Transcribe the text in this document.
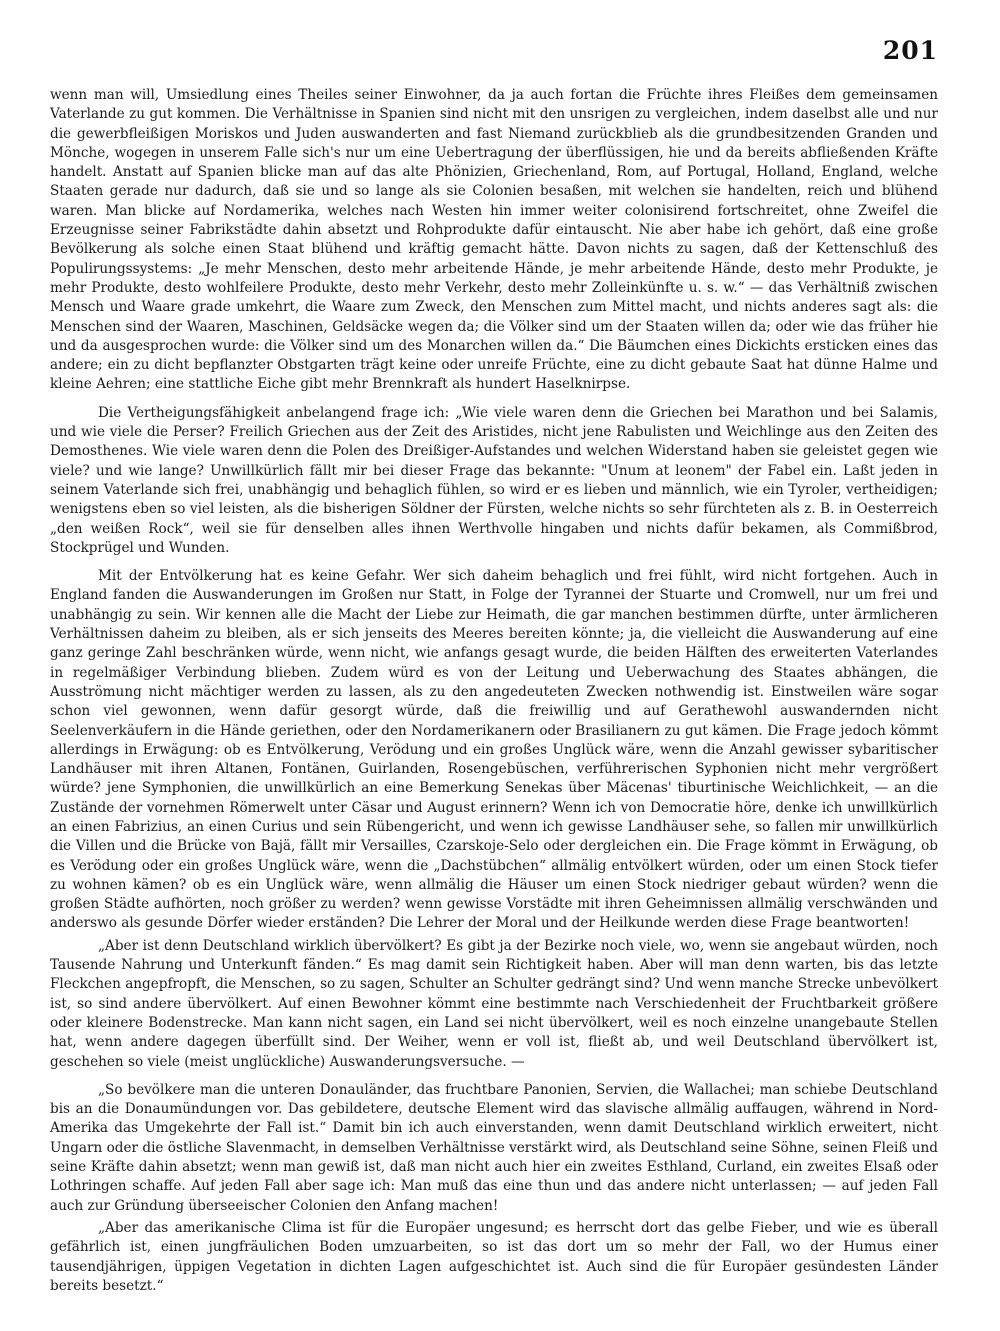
201

wenn man will, Umsiedlung eines Theiles seiner Einwohner, da ja auch fortan die Früchte ihres Fleißes dem gemeinsamen Vaterlande zu gut kommen. Die Verhältnisse in Spanien sind nicht mit den unsrigen zu vergleichen, indem daselbst alle und nur die gewerbfleißigen Moriskos und Juden auswanderten and fast Niemand zurückblieb als die grundbesitzenden Granden und Mönche, wogegen in unserem Falle sich's nur um eine Uebertragung der überflüssigen, hie und da bereits abfließenden Kräfte handelt. Anstatt auf Spanien blicke man auf das alte Phönizien, Griechenland, Rom, auf Portugal, Holland, England, welche Staaten gerade nur dadurch, daß sie und so lange als sie Colonien besaßen, mit welchen sie handelten, reich und blühend waren. Man blicke auf Nordamerika, welches nach Westen hin immer weiter colonisirend fortschreitet, ohne Zweifel die Erzeugnisse seiner Fabrikstädte dahin absetzt und Rohprodukte dafür eintauscht. Nie aber habe ich gehört, daß eine große Bevölkerung als solche einen Staat blühend und kräftig gemacht hätte. Davon nichts zu sagen, daß der Kettenschluß des Populirungssystems: „Je mehr Menschen, desto mehr arbeitende Hände, je mehr arbeitende Hände, desto mehr Produkte, je mehr Produkte, desto wohlfeilere Produkte, desto mehr Verkehr, desto mehr Zolleinkünfte u. s. w.“ — das Verhältniß zwischen Mensch und Waare grade umkehrt, die Waare zum Zweck, den Menschen zum Mittel macht, und nichts anderes sagt als: die Menschen sind der Waaren, Maschinen, Geldsäcke wegen da; die Völker sind um der Staaten willen da; oder wie das früher hie und da ausgesprochen wurde: die Völker sind um des Monarchen willen da.“ Die Bäumchen eines Dickichts ersticken eines das andere; ein zu dicht bepflanzter Obstgarten trägt keine oder unreife Früchte, eine zu dicht gebaute Saat hat dünne Halme und kleine Aehren; eine stattliche Eiche gibt mehr Brennkraft als hundert Haselknirpse.

Die Vertheigungsfähigkeit anbelangend frage ich: „Wie viele waren denn die Griechen bei Marathon und bei Salamis, und wie viele die Perser? Freilich Griechen aus der Zeit des Aristides, nicht jene Rabulisten und Weichlinge aus den Zeiten des Demosthenes. Wie viele waren denn die Polen des Dreißiger-Aufstandes und welchen Widerstand haben sie geleistet gegen wie viele? und wie lange? Unwillkürlich fällt mir bei dieser Frage das bekannte: "Unum at leonem" der Fabel ein. Laßt jeden in seinem Vaterlande sich frei, unabhängig und behaglich fühlen, so wird er es lieben und männlich, wie ein Tyroler, vertheidigen; wenigstens eben so viel leisten, als die bisherigen Söldner der Fürsten, welche nichts so sehr fürchteten als z. B. in Oesterreich „den weißen Rock“, weil sie für denselben alles ihnen Werthvolle hingaben und nichts dafür bekamen, als Commißbrod, Stockprügel und Wunden.

Mit der Entvölkerung hat es keine Gefahr. Wer sich daheim behaglich und frei fühlt, wird nicht fortgehen. Auch in England fanden die Auswanderungen im Großen nur Statt, in Folge der Tyrannei der Stuarte und Cromwell, nur um frei und unabhängig zu sein. Wir kennen alle die Macht der Liebe zur Heimath, die gar manchen bestimmen dürfte, unter ärmlicheren Verhältnissen daheim zu bleiben, als er sich jenseits des Meeres bereiten könnte; ja, die vielleicht die Auswanderung auf eine ganz geringe Zahl beschränken würde, wenn nicht, wie anfangs gesagt wurde, die beiden Hälften des erweiterten Vaterlandes in regelmäßiger Verbindung blieben. Zudem würd es von der Leitung und Ueberwachung des Staates abhängen, die Ausströmung nicht mächtiger werden zu lassen, als zu den angedeuteten Zwecken nothwendig ist. Einstweilen wäre sogar schon viel gewonnen, wenn dafür gesorgt würde, daß die freiwillig und auf Gerathewohl auswandernden nicht Seelenverkäufern in die Hände geriethen, oder den Nordamerikanern oder Brasilianern zu gut kämen. Die Frage jedoch kömmt allerdings in Erwägung: ob es Entvölkerung, Verödung und ein großes Unglück wäre, wenn die Anzahl gewisser sybaritischer Landhäuser mit ihren Altanen, Fontänen, Guirlanden, Rosengebüschen, verführerischen Syphonien nicht mehr vergrößert würde? jene Symphonien, die unwillkürlich an eine Bemerkung Senekas über Mäcenas' tiburtinische Weichlichkeit, — an die Zustände der vornehmen Römerwelt unter Cäsar und August erinnern? Wenn ich von Democratie höre, denke ich unwillkürlich an einen Fabrizius, an einen Curius und sein Rübengericht, und wenn ich gewisse Landhäuser sehe, so fallen mir unwillkürlich die Villen und die Brücke von Bajä, fällt mir Versailles, Czarskoje-Selo oder dergleichen ein. Die Frage kömmt in Erwägung, ob es Verödung oder ein großes Unglück wäre, wenn die „Dachstübchen“ allmälig entvölkert würden, oder um einen Stock tiefer zu wohnen kämen? ob es ein Unglück wäre, wenn allmälig die Häuser um einen Stock niedriger gebaut würden? wenn die großen Städte aufhörten, noch größer zu werden? wenn gewisse Vorstädte mit ihren Geheimnissen allmälig verschwänden und anderswo als gesunde Dörfer wieder erständen? Die Lehrer der Moral und der Heilkunde werden diese Frage beantworten!

„Aber ist denn Deutschland wirklich übervölkert? Es gibt ja der Bezirke noch viele, wo, wenn sie angebaut würden, noch Tausende Nahrung und Unterkunft fänden.“ Es mag damit sein Richtigkeit haben. Aber will man denn warten, bis das letzte Fleckchen angepfropft, die Menschen, so zu sagen, Schulter an Schulter gedrängt sind? Und wenn manche Strecke unbevölkert ist, so sind andere übervölkert. Auf einen Bewohner kömmt eine bestimmte nach Verschiedenheit der Fruchtbarkeit größere oder kleinere Bodenstrecke. Man kann nicht sagen, ein Land sei nicht übervölkert, weil es noch einzelne unangebaute Stellen hat, wenn andere dagegen überfüllt sind. Der Weiher, wenn er voll ist, fließt ab, und weil Deutschland übervölkert ist, geschehen so viele (meist unglückliche) Auswanderungsversuche. —

„So bevölkere man die unteren Donauländer, das fruchtbare Panonien, Servien, die Wallachei; man schiebe Deutschland bis an die Donaumündungen vor. Das gebildetere, deutsche Element wird das slavische allmälig auffaugen, während in Nord-Amerika das Umgekehrte der Fall ist.“ Damit bin ich auch einverstanden, wenn damit Deutschland wirklich erweitert, nicht Ungarn oder die östliche Slavenmacht, in demselben Verhältnisse verstärkt wird, als Deutschland seine Söhne, seinen Fleiß und seine Kräfte dahin absetzt; wenn man gewiß ist, daß man nicht auch hier ein zweites Esthland, Curland, ein zweites Elsaß oder Lothringen schaffe. Auf jeden Fall aber sage ich: Man muß das eine thun und das andere nicht unterlassen; — auf jeden Fall auch zur Gründung überseeischer Colonien den Anfang machen!

„Aber das amerikanische Clima ist für die Europäer ungesund; es herrscht dort das gelbe Fieber, und wie es überall gefährlich ist, einen jungfräulichen Boden umzuarbeiten, so ist das dort um so mehr der Fall, wo der Humus einer tausendjährigen, üppigen Vegetation in dichten Lagen aufgeschichtet ist. Auch sind die für Europäer gesündesten Länder bereits besetzt.“
